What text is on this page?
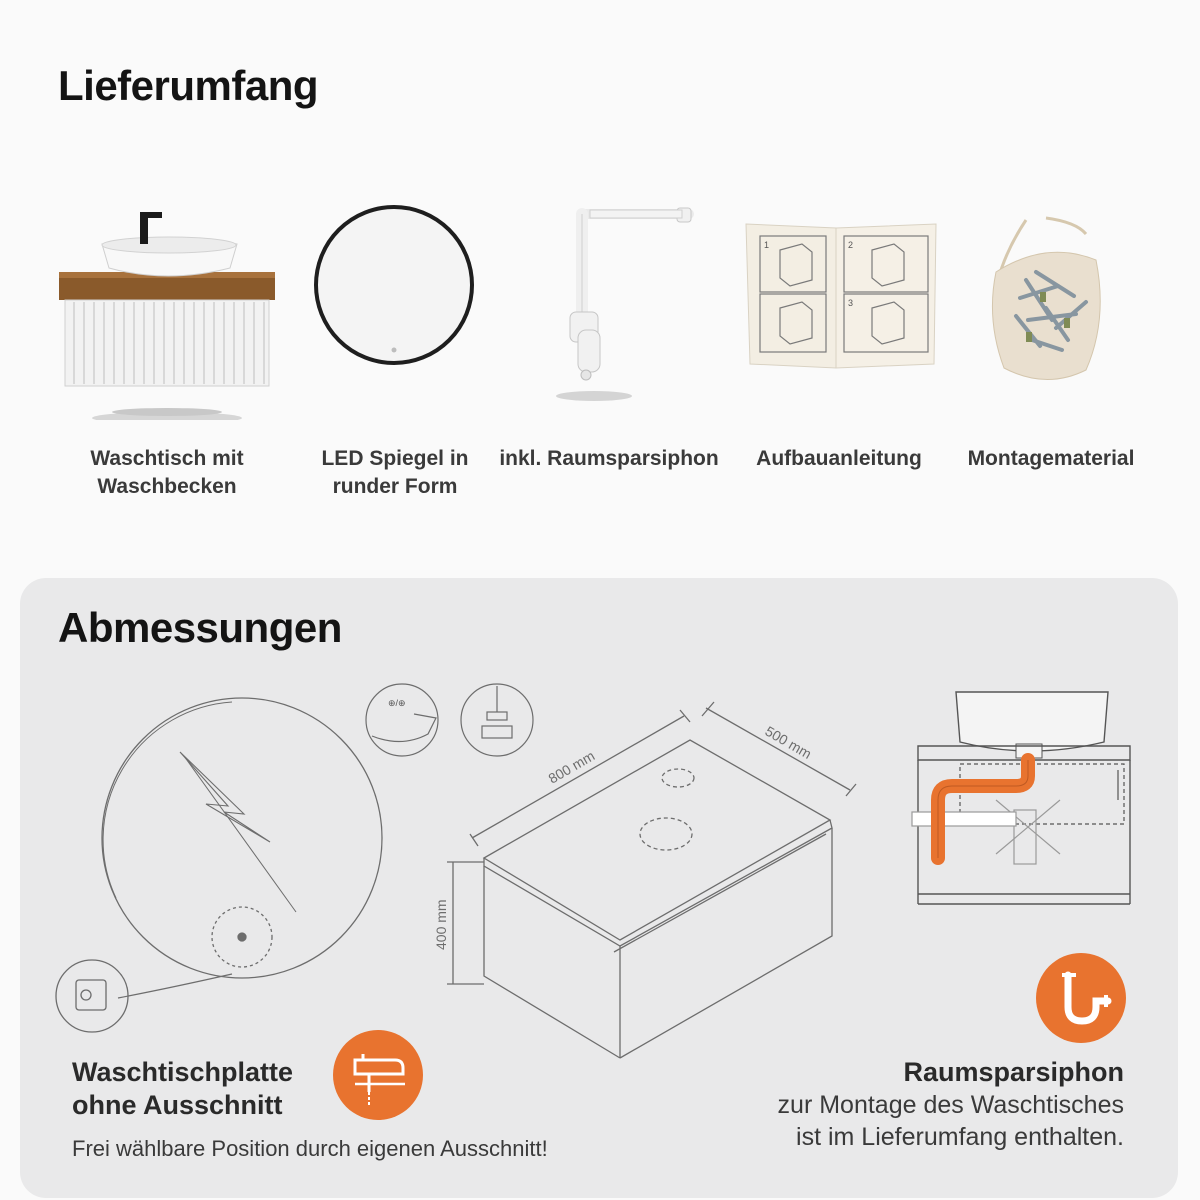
Lieferumfang
Waschtisch mit
Waschbecken
LED Spiegel in
runder Form
inkl. Raumsparsiphon
1	2
3
Aufbauanleitung	Montagematerial
Abmessungen
⊕/⊕
800 mm
500 mm
400 mm
Waschtischplatte
ohne Ausschnitt
Frei wählbare Position durch eigenen Ausschnitt!
Raumsparsiphon
zur Montage des Waschtisches
ist im Lieferumfang enthalten.
